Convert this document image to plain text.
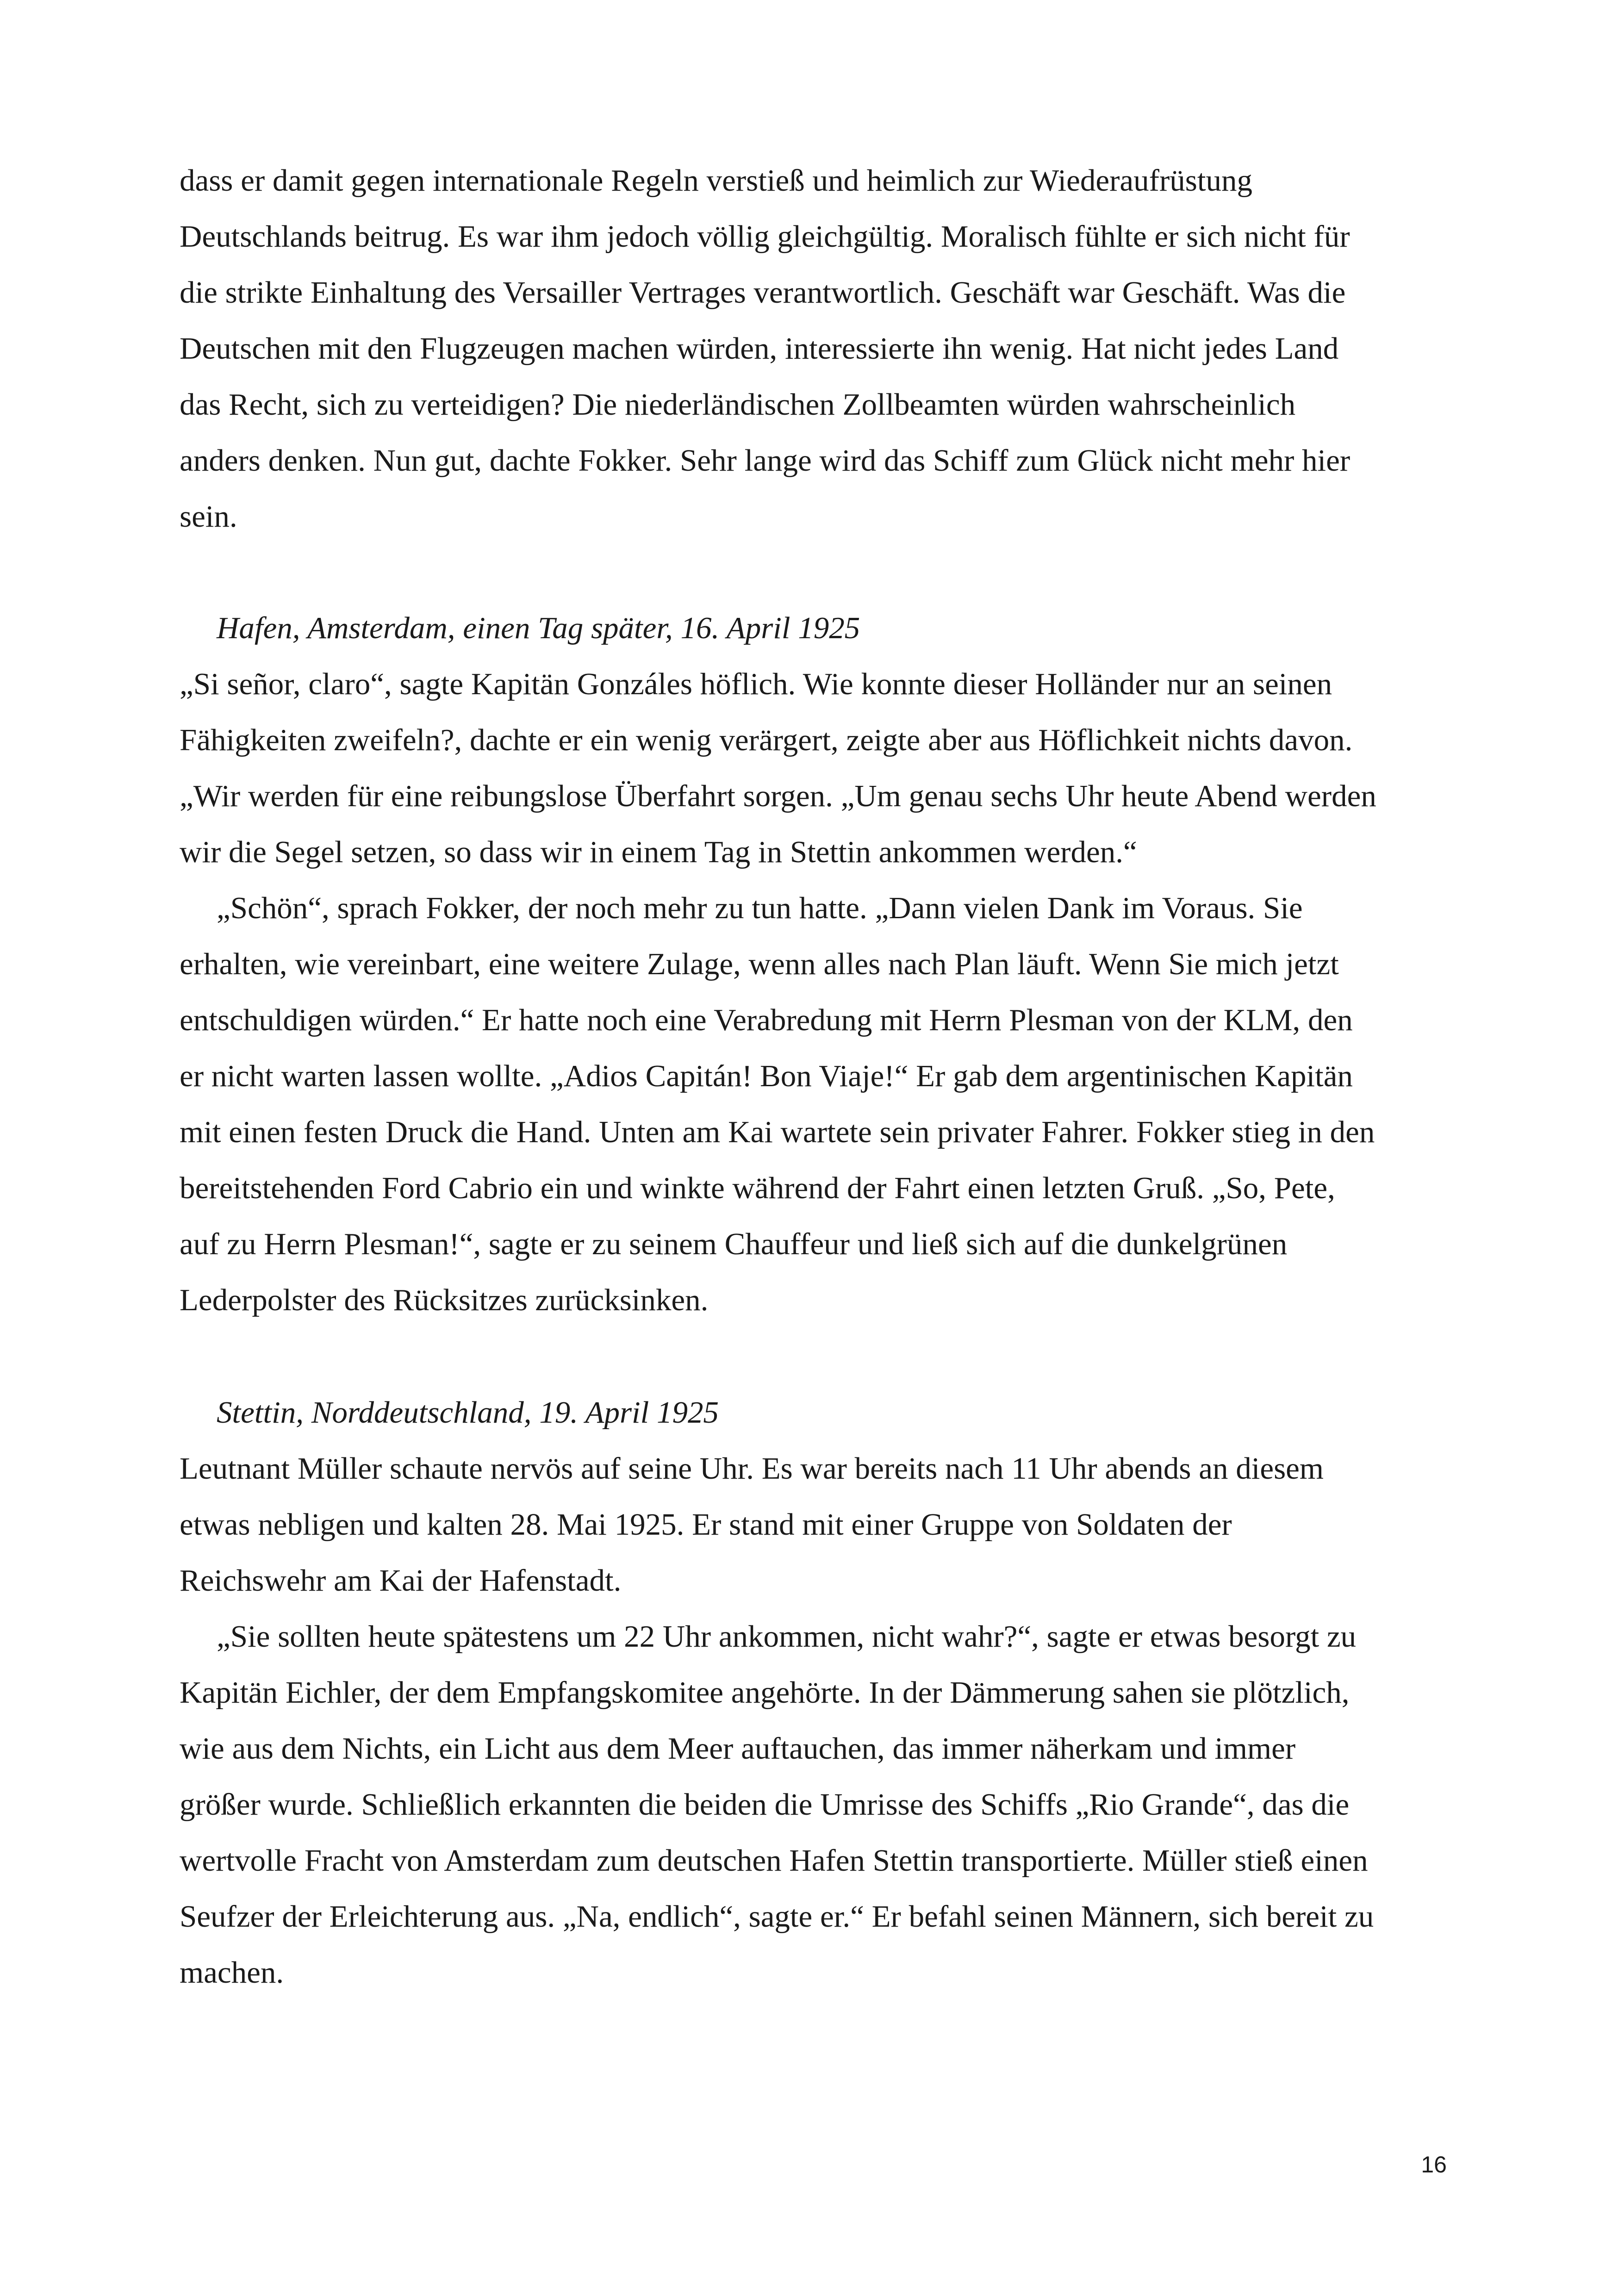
dass er damit gegen internationale Regeln verstieß und heimlich zur Wiederaufrüstung
Deutschlands beitrug. Es war ihm jedoch völlig gleichgültig. Moralisch fühlte er sich nicht für
die strikte Einhaltung des Versailler Vertrages verantwortlich. Geschäft war Geschäft. Was die
Deutschen mit den Flugzeugen machen würden, interessierte ihn wenig. Hat nicht jedes Land
das Recht, sich zu verteidigen? Die niederländischen Zollbeamten würden wahrscheinlich
anders denken. Nun gut, dachte Fokker. Sehr lange wird das Schiff zum Glück nicht mehr hier
sein.

Hafen, Amsterdam, einen Tag später, 16. April 1925

„Si señor, claro“, sagte Kapitän Gonzáles höflich. Wie konnte dieser Holländer nur an seinen
Fähigkeiten zweifeln?, dachte er ein wenig verärgert, zeigte aber aus Höflichkeit nichts davon.
„Wir werden für eine reibungslose Überfahrt sorgen. „Um genau sechs Uhr heute Abend werden
wir die Segel setzen, so dass wir in einem Tag in Stettin ankommen werden.“

„Schön“, sprach Fokker, der noch mehr zu tun hatte. „Dann vielen Dank im Voraus. Sie
erhalten, wie vereinbart, eine weitere Zulage, wenn alles nach Plan läuft. Wenn Sie mich jetzt
entschuldigen würden.“ Er hatte noch eine Verabredung mit Herrn Plesman von der KLM, den
er nicht warten lassen wollte. „Adios Capitán! Bon Viaje!“ Er gab dem argentinischen Kapitän
mit einen festen Druck die Hand. Unten am Kai wartete sein privater Fahrer. Fokker stieg in den
bereitstehenden Ford Cabrio ein und winkte während der Fahrt einen letzten Gruß. „So, Pete,
auf zu Herrn Plesman!“, sagte er zu seinem Chauffeur und ließ sich auf die dunkelgrünen
Lederpolster des Rücksitzes zurücksinken.

Stettin, Norddeutschland, 19. April 1925

Leutnant Müller schaute nervös auf seine Uhr. Es war bereits nach 11 Uhr abends an diesem
etwas nebligen und kalten 28. Mai 1925. Er stand mit einer Gruppe von Soldaten der
Reichswehr am Kai der Hafenstadt.

„Sie sollten heute spätestens um 22 Uhr ankommen, nicht wahr?“, sagte er etwas besorgt zu
Kapitän Eichler, der dem Empfangskomitee angehörte. In der Dämmerung sahen sie plötzlich,
wie aus dem Nichts, ein Licht aus dem Meer auftauchen, das immer näherkam und immer
größer wurde. Schließlich erkannten die beiden die Umrisse des Schiffs „Rio Grande“, das die
wertvolle Fracht von Amsterdam zum deutschen Hafen Stettin transportierte. Müller stieß einen
Seufzer der Erleichterung aus. „Na, endlich“, sagte er.“ Er befahl seinen Männern, sich bereit zu
machen.

16
